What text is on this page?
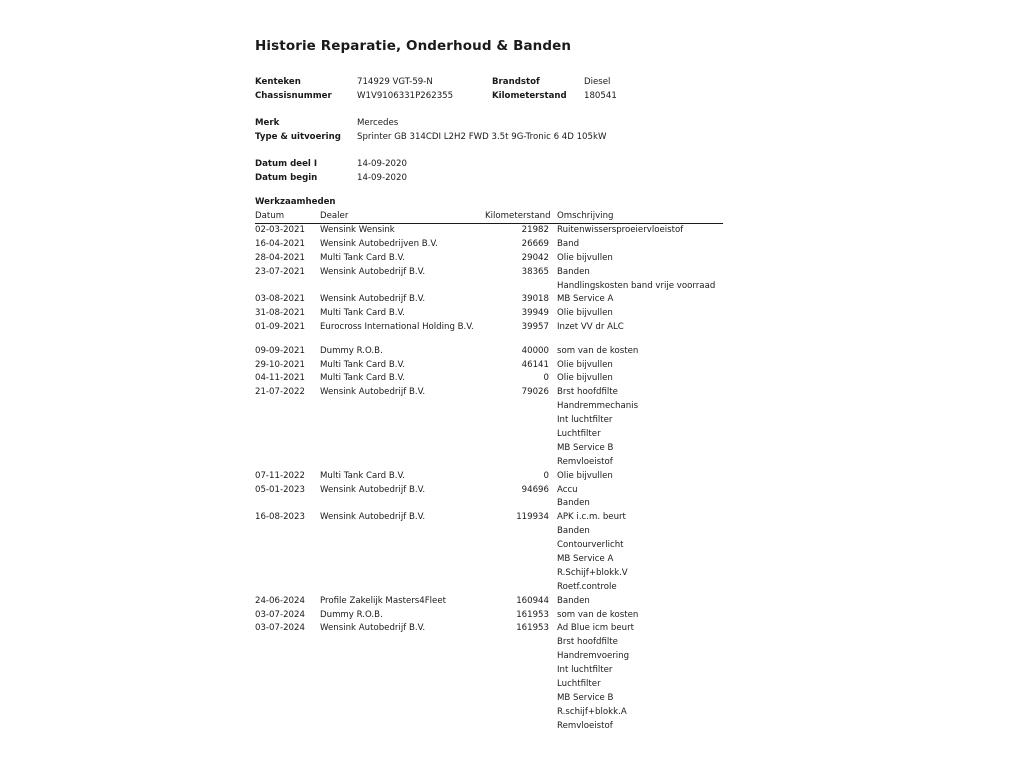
Historie Reparatie, Onderhoud & Banden
Kenteken	714929 VGT-59-N	Brandstof	Diesel
Chassisnummer	W1V9106331P262355	Kilometerstand 180541
Merk	Mercedes
Type & uitvoering Sprinter GB 314CDI L2H2 FWD 3.5t 9G-Tronic 6 4D 105kW
Datum deel I	14-09-2020
Datum begin	14-09-2020
Werkzaamheden
Datum	Dealer	Kilometerstand Omschrijving
02-03-2021 Wensink Wensink	21982 Ruitenwissersproeiervloeistof
16-04-2021 Wensink Autobedrijven B.V.	26669 Band
28-04-2021 Multi Tank Card B.V.	29042 Olie bijvullen
23-07-2021 Wensink Autobedrijf B.V.	38365 Banden
Handlingskosten band vrije voorraad
03-08-2021 Wensink Autobedrijf B.V.	39018 MB Service A
31-08-2021 Multi Tank Card B.V.	39949 Olie bijvullen
01-09-2021 Eurocross International Holding B.V.	39957 Inzet VV dr ALC
09-09-2021 Dummy R.O.B.	40000 som van de kosten
29-10-2021 Multi Tank Card B.V.	46141 Olie bijvullen
04-11-2021 Multi Tank Card B.V.	0 Olie bijvullen
21-07-2022 Wensink Autobedrijf B.V.	79026 Brst hoofdfilte
Handremmechanis
Int luchtfilter
Luchtfilter
MB Service B
Remvloeistof
07-11-2022 Multi Tank Card B.V.	0 Olie bijvullen
05-01-2023 Wensink Autobedrijf B.V.	94696 Accu
Banden
16-08-2023 Wensink Autobedrijf B.V.	119934 APK i.c.m. beurt
Banden
Contourverlicht
MB Service A
R.Schijf+blokk.V
Roetf.controle
24-06-2024 Profile Zakelijk Masters4Fleet	160944 Banden
03-07-2024 Dummy R.O.B.	161953 som van de kosten
03-07-2024 Wensink Autobedrijf B.V.	161953 Ad Blue icm beurt
Brst hoofdfilte
Handremvoering
Int luchtfilter
Luchtfilter
MB Service B
R.schijf+blokk.A
Remvloeistof
